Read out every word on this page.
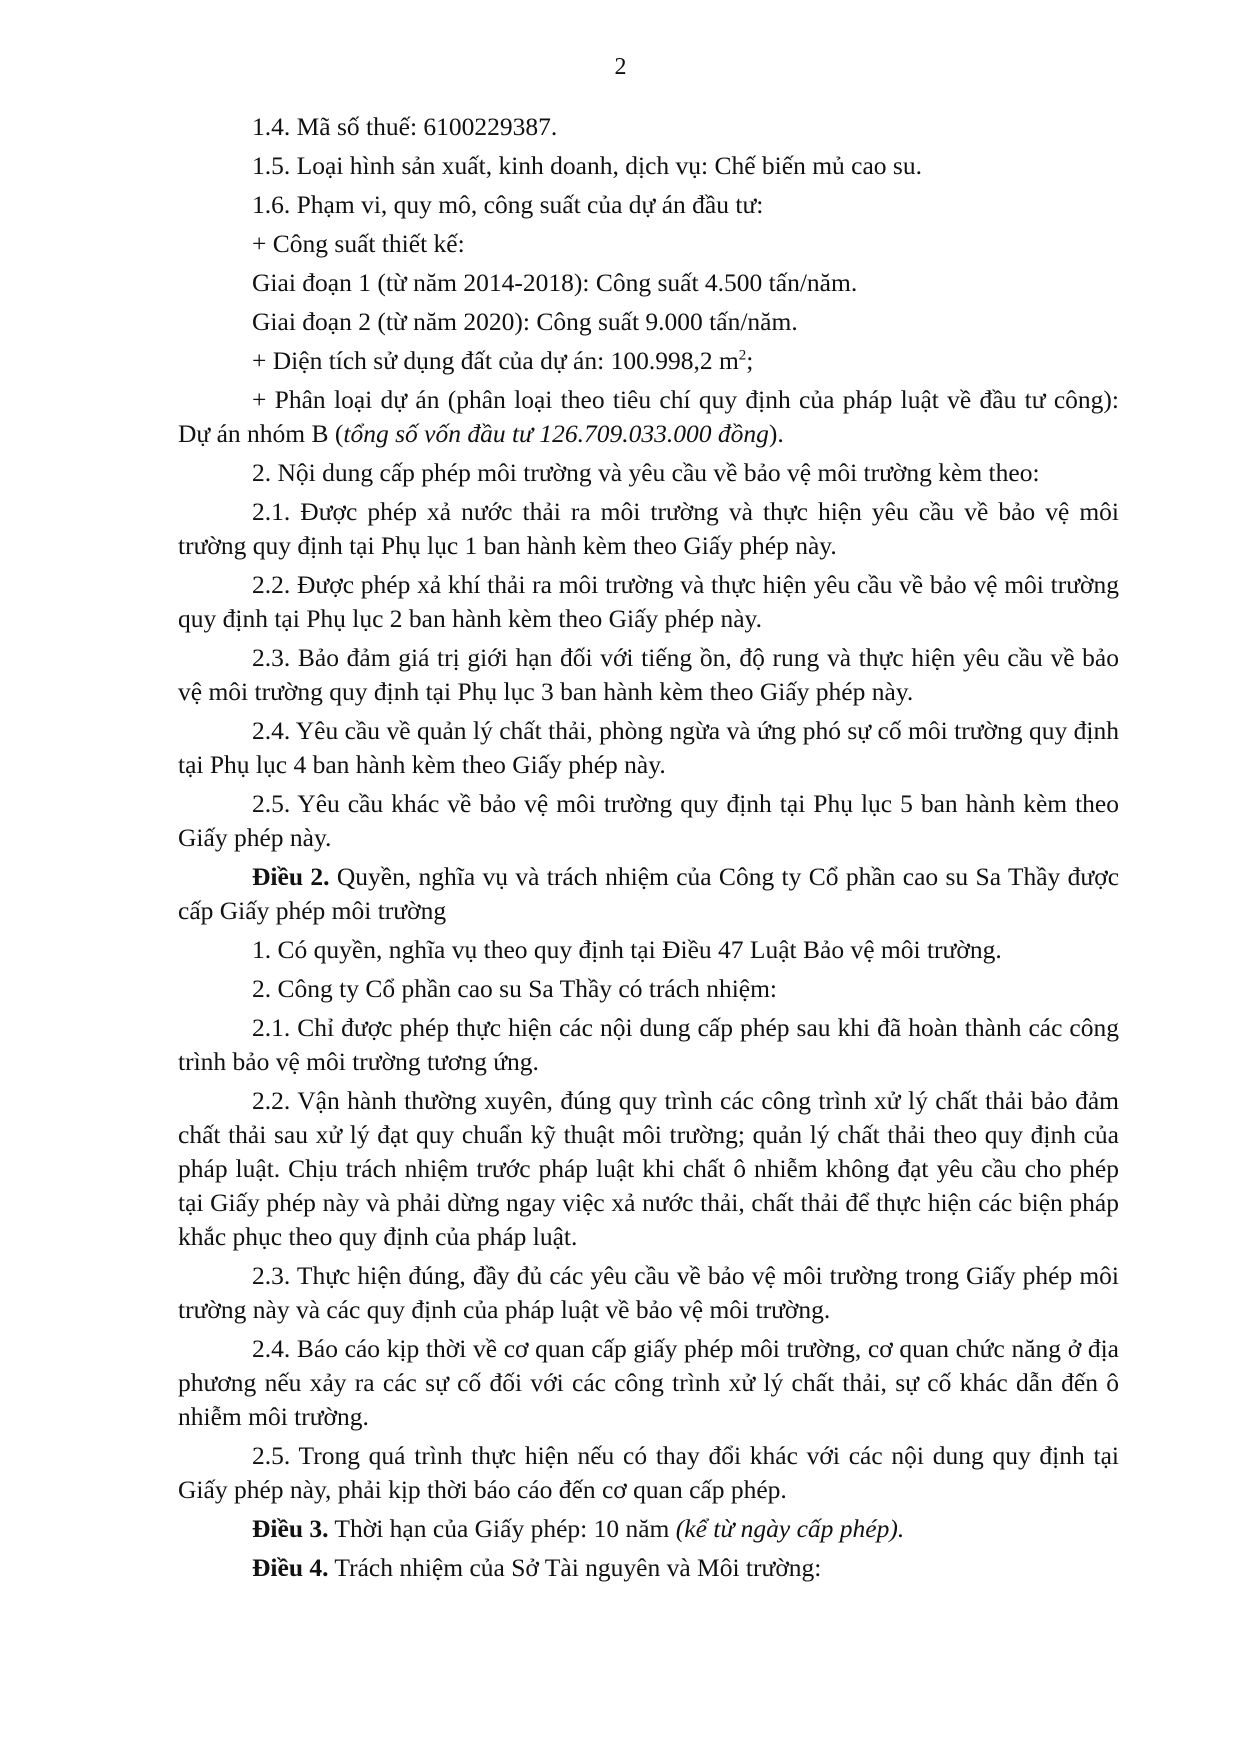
2

1.4. Mã số thuế: 6100229387.

1.5. Loại hình sản xuất, kinh doanh, dịch vụ: Chế biến mủ cao su.

1.6. Phạm vi, quy mô, công suất của dự án đầu tư:

+ Công suất thiết kế:

Giai đoạn 1 (từ năm 2014-2018): Công suất 4.500 tấn/năm.

Giai đoạn 2 (từ năm 2020): Công suất 9.000 tấn/năm.

+ Diện tích sử dụng đất của dự án: 100.998,2 $m^2$;

+ Phân loại dự án (phân loại theo tiêu chí quy định của pháp luật về đầu tư công): Dự án nhóm B (tổng số vốn đầu tư 126.709.033.000 đồng).

2. Nội dung cấp phép môi trường và yêu cầu về bảo vệ môi trường kèm theo:

2.1. Được phép xả nước thải ra môi trường và thực hiện yêu cầu về bảo vệ môi trường quy định tại Phụ lục 1 ban hành kèm theo Giấy phép này.

2.2. Được phép xả khí thải ra môi trường và thực hiện yêu cầu về bảo vệ môi trường quy định tại Phụ lục 2 ban hành kèm theo Giấy phép này.

2.3. Bảo đảm giá trị giới hạn đối với tiếng ồn, độ rung và thực hiện yêu cầu về bảo vệ môi trường quy định tại Phụ lục 3 ban hành kèm theo Giấy phép này.

2.4. Yêu cầu về quản lý chất thải, phòng ngừa và ứng phó sự cố môi trường quy định tại Phụ lục 4 ban hành kèm theo Giấy phép này.

2.5. Yêu cầu khác về bảo vệ môi trường quy định tại Phụ lục 5 ban hành kèm theo Giấy phép này.

Điều 2. Quyền, nghĩa vụ và trách nhiệm của Công ty Cổ phần cao su Sa Thầy được cấp Giấy phép môi trường

1. Có quyền, nghĩa vụ theo quy định tại Điều 47 Luật Bảo vệ môi trường.

2. Công ty Cổ phần cao su Sa Thầy có trách nhiệm:

2.1. Chỉ được phép thực hiện các nội dung cấp phép sau khi đã hoàn thành các công trình bảo vệ môi trường tương ứng.

2.2. Vận hành thường xuyên, đúng quy trình các công trình xử lý chất thải bảo đảm chất thải sau xử lý đạt quy chuẩn kỹ thuật môi trường; quản lý chất thải theo quy định của pháp luật. Chịu trách nhiệm trước pháp luật khi chất ô nhiễm không đạt yêu cầu cho phép tại Giấy phép này và phải dừng ngay việc xả nước thải, chất thải để thực hiện các biện pháp khắc phục theo quy định của pháp luật.

2.3. Thực hiện đúng, đầy đủ các yêu cầu về bảo vệ môi trường trong Giấy phép môi trường này và các quy định của pháp luật về bảo vệ môi trường.

2.4. Báo cáo kịp thời về cơ quan cấp giấy phép môi trường, cơ quan chức năng ở địa phương nếu xảy ra các sự cố đối với các công trình xử lý chất thải, sự cố khác dẫn đến ô nhiễm môi trường.

2.5. Trong quá trình thực hiện nếu có thay đổi khác với các nội dung quy định tại Giấy phép này, phải kịp thời báo cáo đến cơ quan cấp phép.

Điều 3. Thời hạn của Giấy phép: 10 năm (kể từ ngày cấp phép).

Điều 4. Trách nhiệm của Sở Tài nguyên và Môi trường:
